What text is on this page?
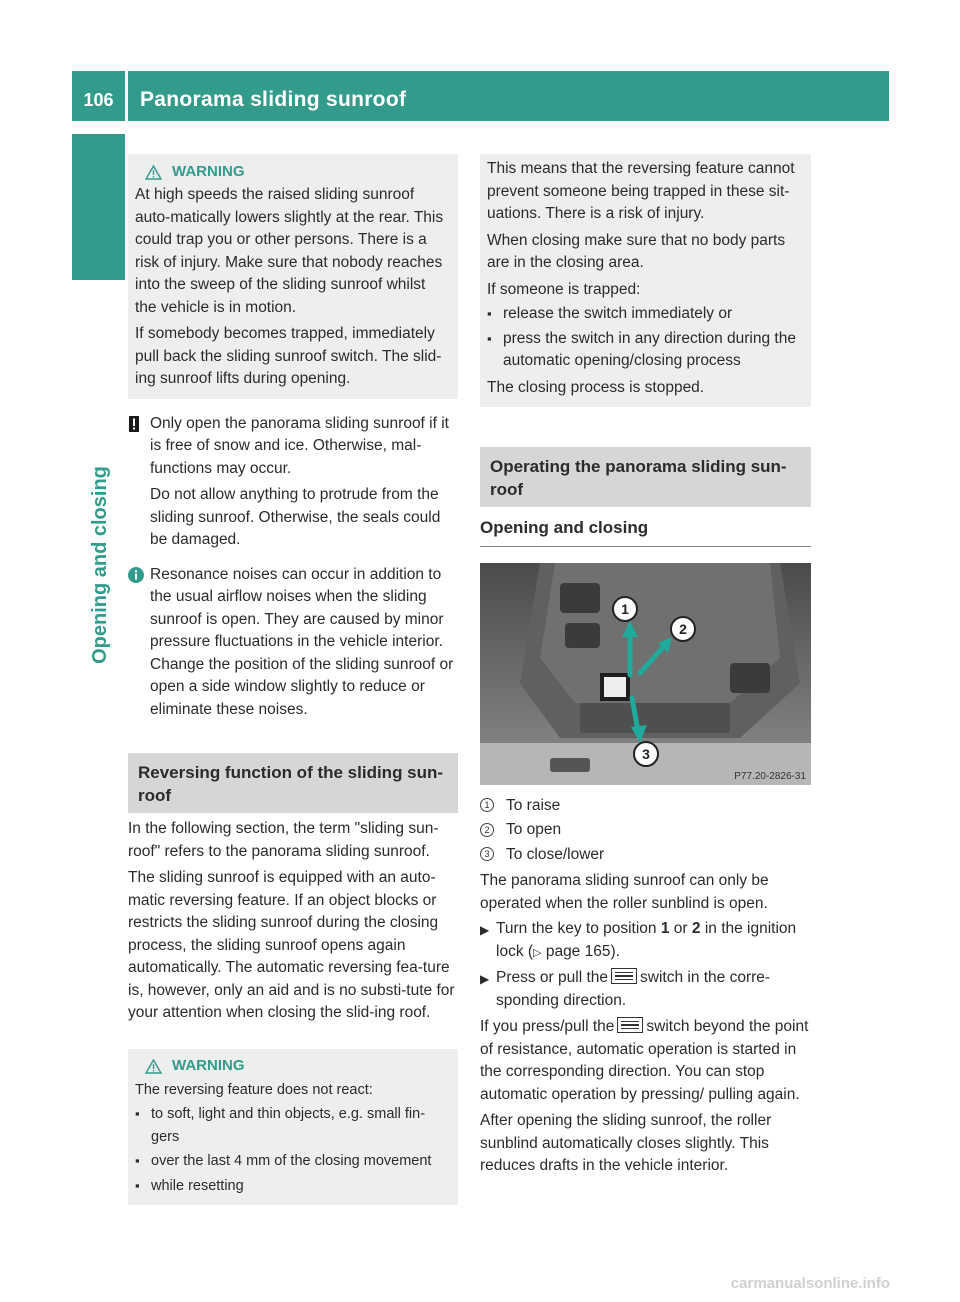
106	Panorama sliding sunroof
Opening and closing
WARNING

At high speeds the raised sliding sunroof auto-matically lowers slightly at the rear. This could trap you or other persons. There is a risk of injury. Make sure that nobody reaches into the sweep of the sliding sunroof whilst the vehicle is in motion.

If somebody becomes trapped, immediately pull back the sliding sunroof switch. The slid-ing sunroof lifts during opening.

Only open the panorama sliding sunroof if it is free of snow and ice. Otherwise, mal-functions may occur.

Do not allow anything to protrude from the sliding sunroof. Otherwise, the seals could be damaged.

Resonance noises can occur in addition to the usual airflow noises when the sliding sunroof is open. They are caused by minor pressure fluctuations in the vehicle interior. Change the position of the sliding sunroof or open a side window slightly to reduce or eliminate these noises.

Reversing function of the sliding sun-roof

In the following section, the term "sliding sun-roof" refers to the panorama sliding sunroof.

The sliding sunroof is equipped with an auto-matic reversing feature. If an object blocks or restricts the sliding sunroof during the closing process, the sliding sunroof opens again automatically. The automatic reversing fea-ture is, however, only an aid and is no substi-tute for your attention when closing the slid-ing roof.

WARNING

The reversing feature does not react:

▪ to soft, light and thin objects, e.g. small fin-gers
▪ over the last 4 mm of the closing movement
▪ while resetting

This means that the reversing feature cannot prevent someone being trapped in these sit-uations. There is a risk of injury.

When closing make sure that no body parts are in the closing area.

If someone is trapped:

▪ release the switch immediately or
▪ press the switch in any direction during the automatic opening/closing process

The closing process is stopped.

Operating the panorama sliding sun-roof
Opening and closing
1
2
3
P77.20-2826-31
1	To raise
2	To open
3	To close/lower

The panorama sliding sunroof can only be operated when the roller sunblind is open.

▶ Turn the key to position 1 or 2 in the ignition lock (▷ page 165).
▶ Press or pull the switch in the corre-sponding direction.

If you press/pull the switch beyond the point of resistance, automatic operation is started in the corresponding direction. You can stop automatic operation by pressing/ pulling again.

After opening the sliding sunroof, the roller sunblind automatically closes slightly. This reduces drafts in the vehicle interior.

carmanualsonline.info
